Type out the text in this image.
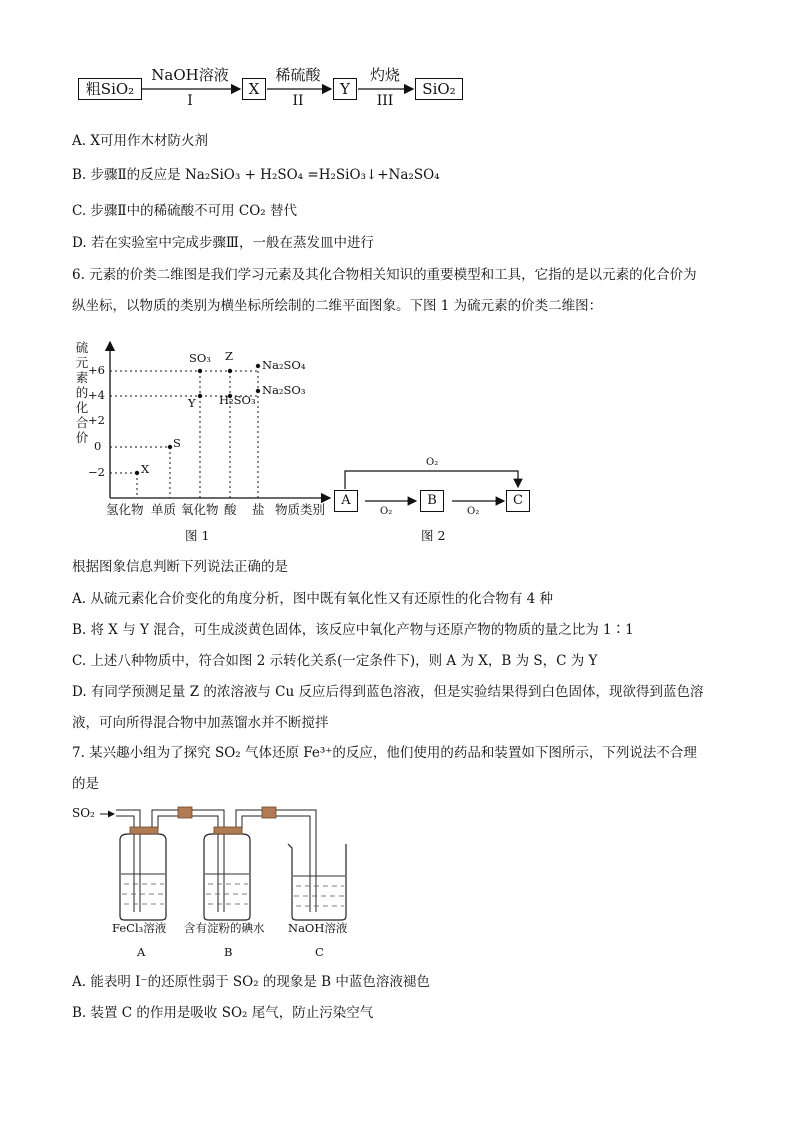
粗SiO₂
NaOH溶液
I
X
稀硫酸
II
Y
灼烧
III
SiO₂
A. X可用作木材防火剂
B. 步骤Ⅱ的反应是 Na₂SiO₃ + H₂SO₄ =H₂SiO₃↓+Na₂SO₄
C. 步骤Ⅱ中的稀硫酸不可用 CO₂ 替代
D. 若在实验室中完成步骤Ⅲ，一般在蒸发皿中进行
6. 元素的价类二维图是我们学习元素及其化合物相关知识的重要模型和工具，它指的是以元素的化合价为
纵坐标，以物质的类别为横坐标所绘制的二维平面图象。下图 1 为硫元素的价类二维图：
硫
元
素
的
化
合
价
+6
+4
+2
0
−2	X
S
SO₃ Z
Y H₂SO₃
Na₂SO₄
Na₂SO₃
氢化物 单质 氧化物 酸 盐 物质类别
图 1
A	B	C
O₂
O₂	O₂
图 2
根据图象信息判断下列说法正确的是
A. 从硫元素化合价变化的角度分析，图中既有氧化性又有还原性的化合物有 4 种
B. 将 X 与 Y 混合，可生成淡黄色固体，该反应中氧化产物与还原产物的物质的量之比为 1∶1
C. 上述八种物质中，符合如图 2 示转化关系(一定条件下)，则 A 为 X，B 为 S，C 为 Y
D. 有同学预测足量 Z 的浓溶液与 Cu 反应后得到蓝色溶液，但是实验结果得到白色固体，现欲得到蓝色溶
液，可向所得混合物中加蒸馏水并不断搅拌
7. 某兴趣小组为了探究 SO₂ 气体还原 Fe³⁺的反应，他们使用的药品和装置如下图所示，下列说法不合理
的是
SO₂
FeCl₃溶液 含有淀粉的碘水 NaOH溶液
A	B	C
A. 能表明 I⁻的还原性弱于 SO₂ 的现象是 B 中蓝色溶液褪色
B. 装置 C 的作用是吸收 SO₂ 尾气，防止污染空气
